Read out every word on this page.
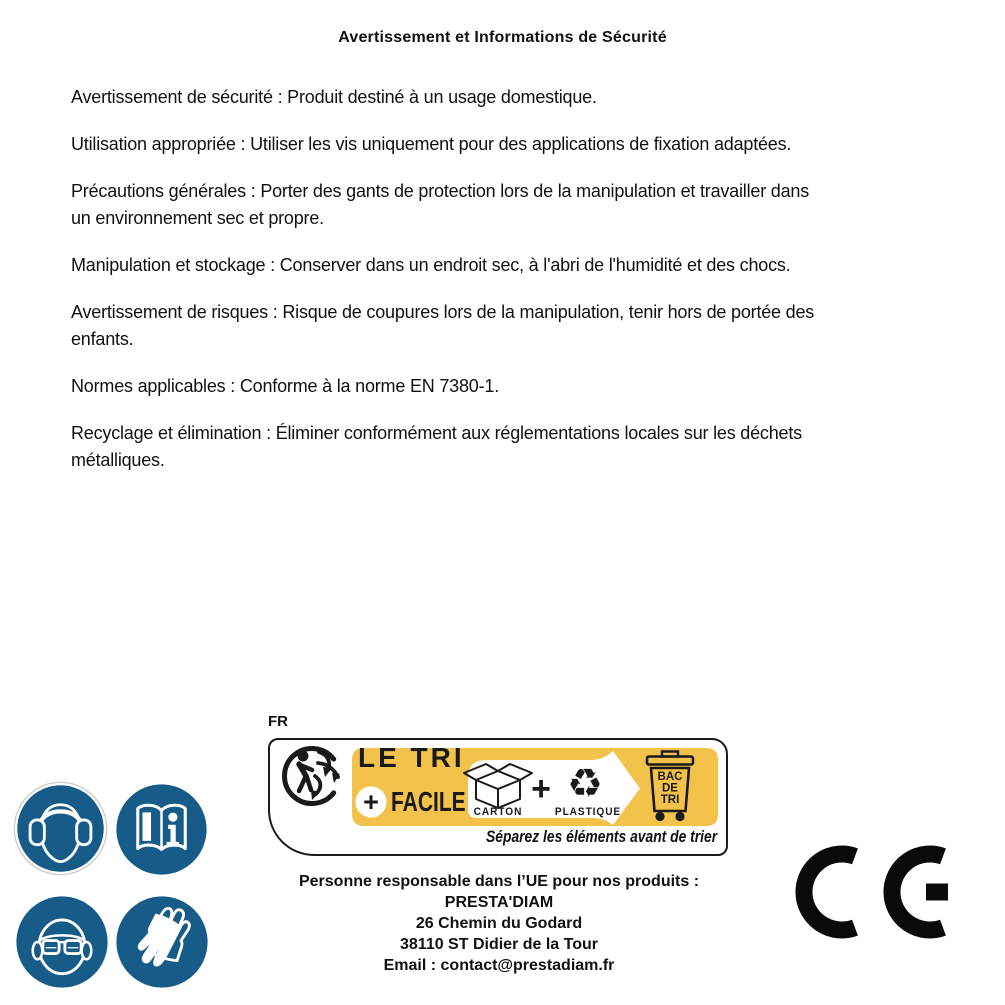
Avertissement et Informations de Sécurité
Avertissement de sécurité : Produit destiné à un usage domestique.
Utilisation appropriée : Utiliser les vis uniquement pour des applications de fixation adaptées.
Précautions générales : Porter des gants de protection lors de la manipulation et travailler dans
un environnement sec et propre.
Manipulation et stockage : Conserver dans un endroit sec, à l'abri de l'humidité et des chocs.
Avertissement de risques : Risque de coupures lors de la manipulation, tenir hors de portée des
enfants.
Normes applicables : Conforme à la norme EN 7380-1.
Recyclage et élimination : Éliminer conformément aux réglementations locales sur les déchets
métalliques.
FR
BAC
DE
TRI
LE TRI
+ FACILE CARTON
+ ♻
PLASTIQUE
Séparez les éléments avant de trier
Personne responsable dans l’UE pour nos produits :
PRESTA'DIAM
26 Chemin du Godard
38110 ST Didier de la Tour
Email : contact@prestadiam.fr
